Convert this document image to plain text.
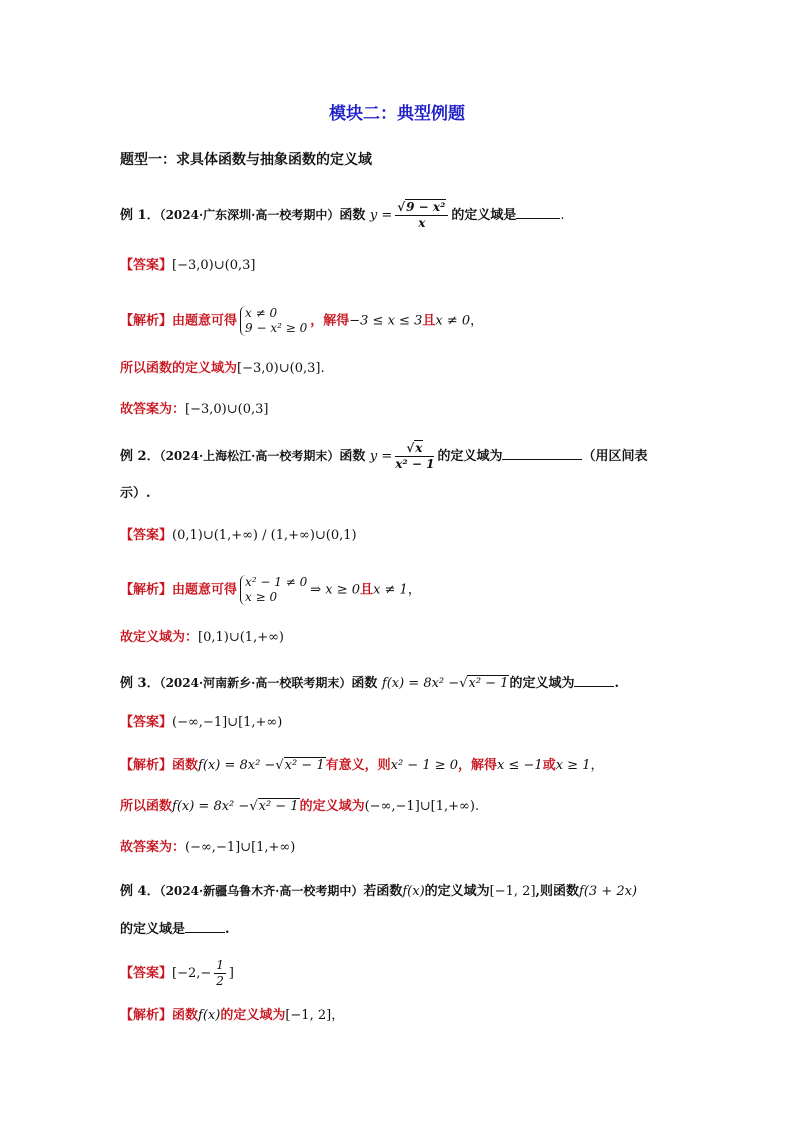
模块二：典型例题
题型一：求具体函数与抽象函数的定义域
例 1．（2024·广东深圳·高一校考期中）函数 $y = \frac{\text{√9 − x²}}{x}$ 的定义域是	.
【答案】[−3,0)∪(0,3]
【解析】由题意可得
x ≠ 0
9 − x² ≥ 0 ，解得−3 ≤ x ≤ 3且x ≠ 0，
所以函数的定义域为[−3,0)∪(0,3].
故答案为：[−3,0)∪(0,3]
例 2．（2024·上海松江·高一校考期末）函数 $y = \frac{√x}{\text{x² − 1}}$ 的定义域为	（用区间表
示）.
【答案】(0,1)∪(1,+∞) / (1,+∞)∪(0,1)
【解析】由题意可得
x² − 1 ≠ 0
x ≥ 0	⇒ x ≥ 0且x ≠ 1，
故定义域为：[0,1)∪(1,+∞)
例 3．（2024·河南新乡·高一校联考期末）函数 f(x) = 8x² −√x² − 1的定义域为	.
【答案】(−∞,−1]∪[1,+∞)
【解析】函数f(x) = 8x² −√x² − 1有意义，则x² − 1 ≥ 0，解得x ≤ −1或x ≥ 1，
所以函数f(x) = 8x² −√x² − 1的定义域为(−∞,−1]∪[1,+∞).
故答案为：(−∞,−1]∪[1,+∞)
例 4．（2024·新疆乌鲁木齐·高一校考期中）若函数f(x)的定义域为[−1, 2],则函数f(3 + 2x)
的定义域是	.
【答案】[$-2,- \frac{1}{2}$ ]
【解析】函数f(x)的定义域为[−1, 2]，
